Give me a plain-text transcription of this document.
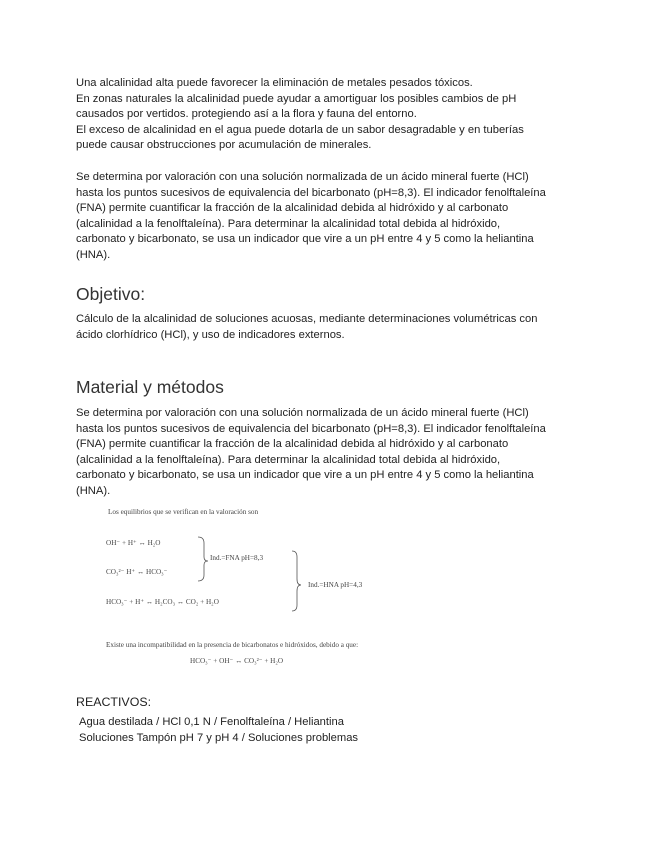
Una alcalinidad alta puede favorecer la eliminación de metales pesados tóxicos.
En zonas naturales la alcalinidad puede ayudar a amortiguar los posibles cambios de pH
causados por vertidos. protegiendo así a la flora y fauna del entorno.
El exceso de alcalinidad en el agua puede dotarla de un sabor desagradable y en tuberías
puede causar obstrucciones por acumulación de minerales.
Se determina por valoración con una solución normalizada de un ácido mineral fuerte (HCl)
hasta los puntos sucesivos de equivalencia del bicarbonato (pH=8,3). El indicador fenolftaleína
(FNA) permite cuantificar la fracción de la alcalinidad debida al hidróxido y al carbonato
(alcalinidad a la fenolftaleína). Para determinar la alcalinidad total debida al hidróxido,
carbonato y bicarbonato, se usa un indicador que vire a un pH entre 4 y 5 como la heliantina
(HNA).
Objetivo:
Cálculo de la alcalinidad de soluciones acuosas, mediante determinaciones volumétricas con
ácido clorhídrico (HCl), y uso de indicadores externos.
Material y métodos
Se determina por valoración con una solución normalizada de un ácido mineral fuerte (HCl)
hasta los puntos sucesivos de equivalencia del bicarbonato (pH=8,3). El indicador fenolftaleína
(FNA) permite cuantificar la fracción de la alcalinidad debida al hidróxido y al carbonato
(alcalinidad a la fenolftaleína). Para determinar la alcalinidad total debida al hidróxido,
carbonato y bicarbonato, se usa un indicador que vire a un pH entre 4 y 5 como la heliantina
(HNA).
Los equilibrios que se verifican en la valoración son
OH⁻ + H⁺ ↔ H₂O
CO₃²⁻ H⁺ ↔ HCO₃⁻
HCO₃⁻ + H⁺ ↔ H₂CO₃ ↔ CO₂ + H₂O
Ind.=FNA pH=8,3
Ind.=HNA pH=4,3
Existe una incompatibilidad en la presencia de bicarbonatos e hidróxidos, debido a que:
HCO₃⁻ + OH⁻ ↔ CO₃²⁻ + H₂O
REACTIVOS:
Agua destilada / HCl 0,1 N / Fenolftaleína / Heliantina
Soluciones Tampón pH 7 y pH 4 / Soluciones problemas
